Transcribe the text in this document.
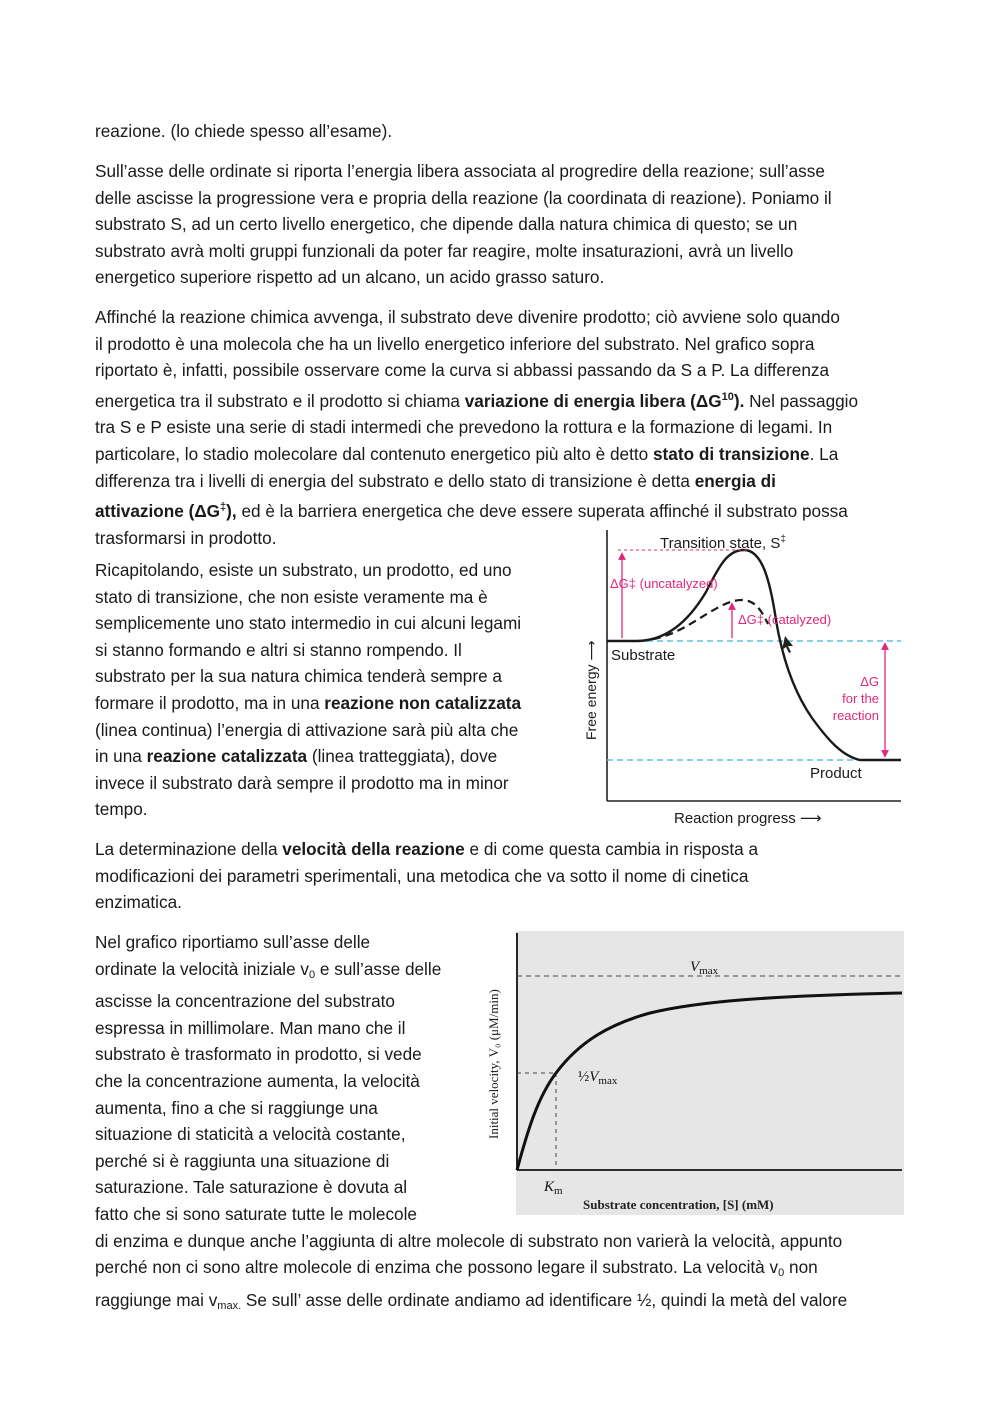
reazione. (lo chiede spesso all’esame).

Sull’asse delle ordinate si riporta l’energia libera associata al progredire della reazione; sull’asse
delle ascisse la progressione vera e propria della reazione (la coordinata di reazione). Poniamo il
substrato S, ad un certo livello energetico, che dipende dalla natura chimica di questo; se un
substrato avrà molti gruppi funzionali da poter far reagire, molte insaturazioni, avrà un livello
energetico superiore rispetto ad un alcano, un acido grasso saturo.

Affinché la reazione chimica avvenga, il substrato deve divenire prodotto; ciò avviene solo quando
il prodotto è una molecola che ha un livello energetico inferiore del substrato. Nel grafico sopra
riportato è, infatti, possibile osservare come la curva si abbassi passando da S a P. La differenza
energetica tra il substrato e il prodotto si chiama variazione di energia libera (ΔG$^{10}$). Nel passaggio
tra S e P esiste una serie di stadi intermedi che prevedono la rottura e la formazione di legami. In
particolare, lo stadio molecolare dal contenuto energetico più alto è detto stato di transizione. La
differenza tra i livelli di energia del substrato e dello stato di transizione è detta energia di
attivazione (ΔG‡), ed è la barriera energetica che deve essere superata affinché il substrato possa
trasformarsi in prodotto.

Ricapitolando, esiste un substrato, un prodotto, ed uno
stato di transizione, che non esiste veramente ma è
semplicemente uno stato intermedio in cui alcuni legami
si stanno formando e altri si stanno rompendo. Il
substrato per la sua natura chimica tenderà sempre a
formare il prodotto, ma in una reazione non catalizzata
(linea continua) l’energia di attivazione sarà più alta che
in una reazione catalizzata (linea tratteggiata), dove
invece il substrato darà sempre il prodotto ma in minor
tempo.

La determinazione della velocità della reazione e di come questa cambia in risposta a
modificazioni dei parametri sperimentali, una metodica che va sotto il nome di cinetica
enzimatica.

Nel grafico riportiamo sull’asse delle
ordinate la velocità iniziale $v_0$ e sull’asse delle
ascisse la concentrazione del substrato
espressa in millimolare. Man mano che il
substrato è trasformato in prodotto, si vede
che la concentrazione aumenta, la velocità
aumenta, fino a che si raggiunge una
situazione di staticità a velocità costante,
perché si è raggiunta una situazione di
saturazione. Tale saturazione è dovuta al
fatto che si sono saturate tutte le molecole
di enzima e dunque anche l’aggiunta di altre molecole di substrato non varierà la velocità, appunto
perché non ci sono altre molecole di enzima che possono legare il substrato. La velocità $v_0$ non
raggiunge mai $v_{max.}$ Se sull’ asse delle ordinate andiamo ad identificare ½, quindi la metà del valore

Transition state, S‡
ΔG‡ (uncatalyzed)
ΔG‡ (catalyzed)
Substrate
Product
ΔG
for the
reaction
Free energy ⟶
Reaction progress ⟶
$V_{max}$
$\frac{1}{2}V_{max}$
$K_m$
Substrate concentration, [S] (mM)
Initial velocity, V₀ (μM/min)
